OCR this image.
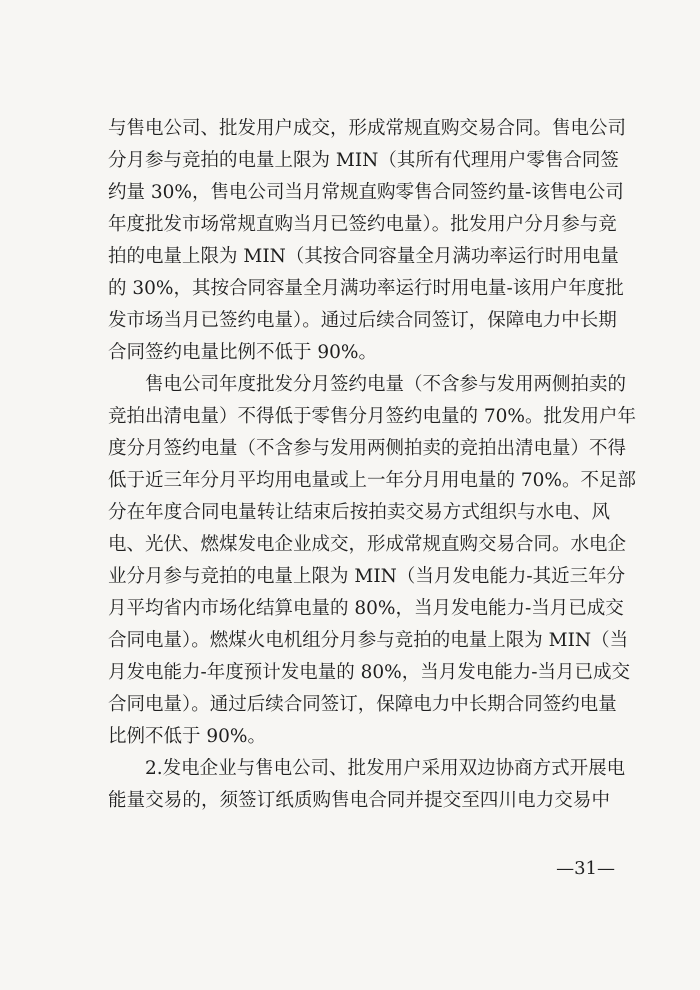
与售电公司、批发用户成交，形成常规直购交易合同。售电公司
分月参与竞拍的电量上限为 MIN（其所有代理用户零售合同签
约量 30%，售电公司当月常规直购零售合同签约量-该售电公司
年度批发市场常规直购当月已签约电量）。批发用户分月参与竞
拍的电量上限为 MIN（其按合同容量全月满功率运行时用电量
的 30%，其按合同容量全月满功率运行时用电量-该用户年度批
发市场当月已签约电量）。通过后续合同签订，保障电力中长期
合同签约电量比例不低于 90%。
售电公司年度批发分月签约电量（不含参与发用两侧拍卖的
竞拍出清电量）不得低于零售分月签约电量的 70%。批发用户年
度分月签约电量（不含参与发用两侧拍卖的竞拍出清电量）不得
低于近三年分月平均用电量或上一年分月用电量的 70%。不足部
分在年度合同电量转让结束后按拍卖交易方式组织与水电、风
电、光伏、燃煤发电企业成交，形成常规直购交易合同。水电企
业分月参与竞拍的电量上限为 MIN（当月发电能力-其近三年分
月平均省内市场化结算电量的 80%，当月发电能力-当月已成交
合同电量）。燃煤火电机组分月参与竞拍的电量上限为 MIN（当
月发电能力-年度预计发电量的 80%，当月发电能力-当月已成交
合同电量）。通过后续合同签订，保障电力中长期合同签约电量
比例不低于 90%。
2.发电企业与售电公司、批发用户采用双边协商方式开展电
能量交易的，须签订纸质购售电合同并提交至四川电力交易中
—31—
